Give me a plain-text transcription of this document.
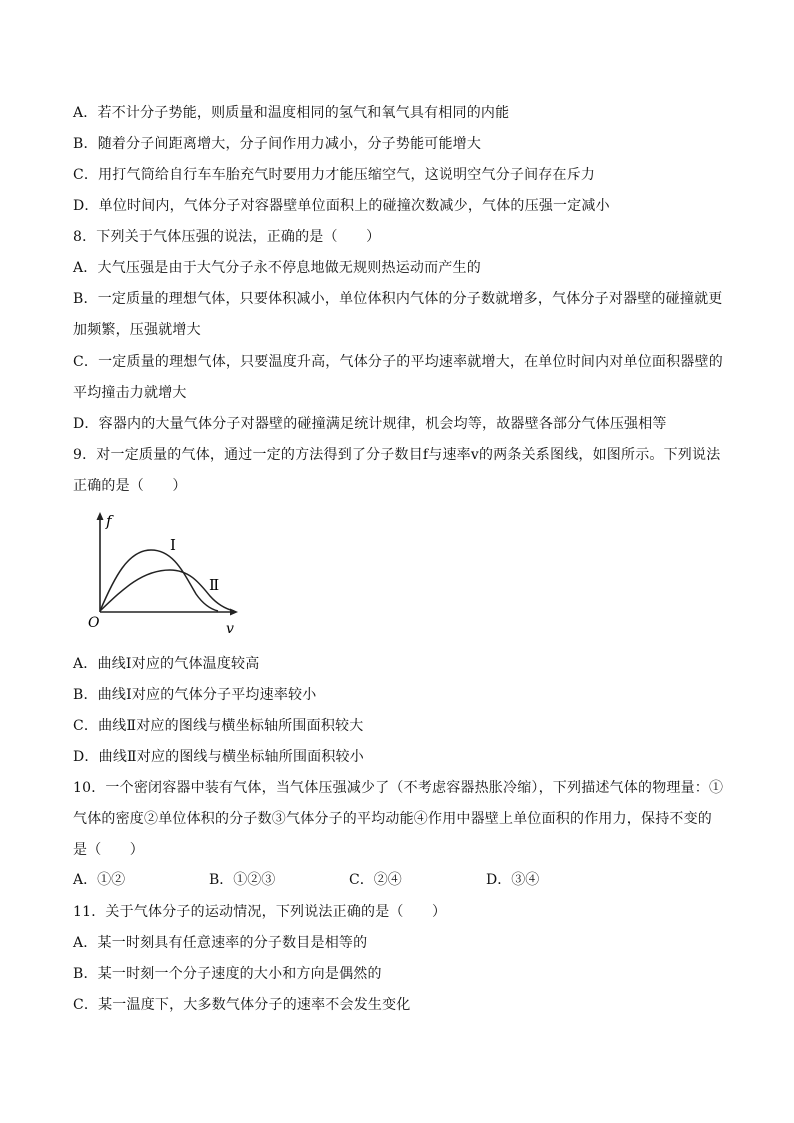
A．若不计分子势能，则质量和温度相同的氢气和氧气具有相同的内能
B．随着分子间距离增大，分子间作用力减小，分子势能可能增大
C．用打气筒给自行车车胎充气时要用力才能压缩空气，这说明空气分子间存在斥力
D．单位时间内，气体分子对容器壁单位面积上的碰撞次数减少，气体的压强一定减小
8．下列关于气体压强的说法，正确的是（　　）
A．大气压强是由于大气分子永不停息地做无规则热运动而产生的
B．一定质量的理想气体，只要体积减小，单位体积内气体的分子数就增多，气体分子对器壁的碰撞就更
加频繁，压强就增大
C．一定质量的理想气体，只要温度升高，气体分子的平均速率就增大，在单位时间内对单位面积器壁的
平均撞击力就增大
D．容器内的大量气体分子对器壁的碰撞满足统计规律，机会均等，故器壁各部分气体压强相等
9．对一定质量的气体，通过一定的方法得到了分子数目f与速率v的两条关系图线，如图所示。下列说法
正确的是（　　）
f
v
O
Ⅰ
Ⅱ
A．曲线Ⅰ对应的气体温度较高
B．曲线Ⅰ对应的气体分子平均速率较小
C．曲线Ⅱ对应的图线与横坐标轴所围面积较大
D．曲线Ⅱ对应的图线与横坐标轴所围面积较小
10．一个密闭容器中装有气体，当气体压强减少了（不考虑容器热胀冷缩），下列描述气体的物理量：①
气体的密度②单位体积的分子数③气体分子的平均动能④作用中器壁上单位面积的作用力，保持不变的
是（　　）
A．①②	B．①②③	C．②④	D．③④
11．关于气体分子的运动情况，下列说法正确的是（　　）
A．某一时刻具有任意速率的分子数目是相等的
B．某一时刻一个分子速度的大小和方向是偶然的
C．某一温度下，大多数气体分子的速率不会发生变化
